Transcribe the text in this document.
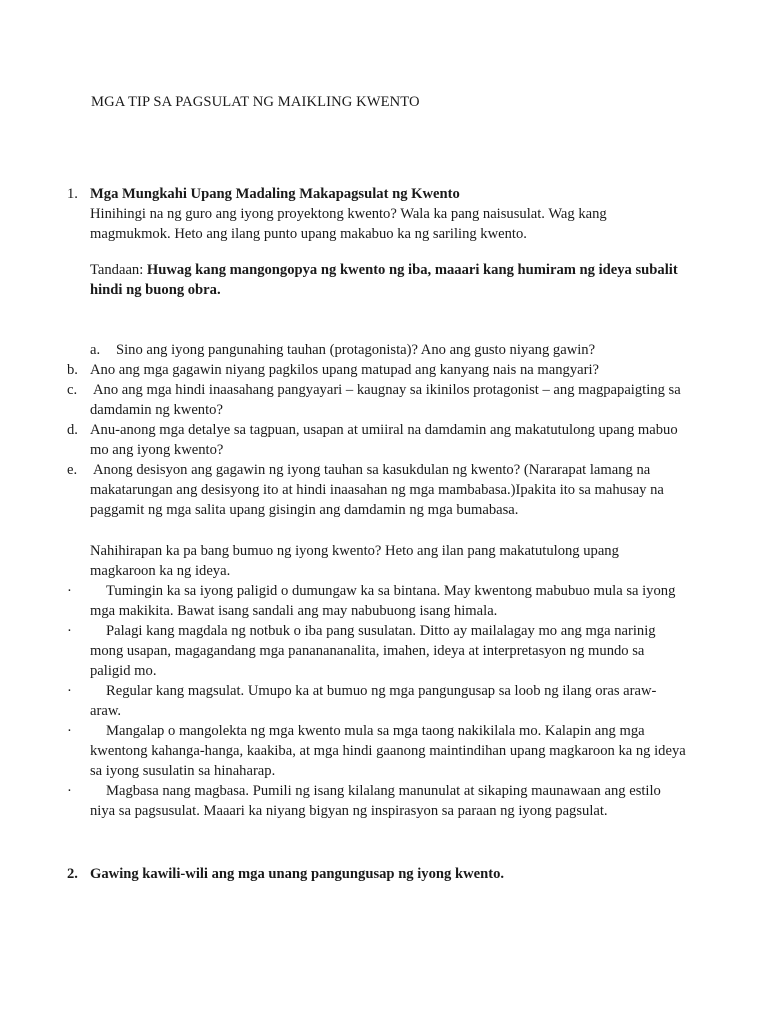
MGA TIP SA PAGSULAT NG MAIKLING KWENTO
1. Mga Mungkahi Upang Madaling Makapagsulat ng Kwento

Hinihingi na ng guro ang iyong proyektong kwento? Wala ka pang naisusulat. Wag kang magmukmok. Heto ang ilang punto upang makabuo ka ng sariling kwento.

Tandaan: Huwag kang mangongopya ng kwento ng iba, maaari kang humiram ng ideya subalit hindi ng buong obra.
a. Sino ang iyong pangunahing tauhan (protagonista)? Ano ang gusto niyang gawin?
b. Ano ang mga gagawin niyang pagkilos upang matupad ang kanyang nais na mangyari?
c. Ano ang mga hindi inaasahang pangyayari – kaugnay sa ikinilos protagonist – ang magpapaigting sa damdamin ng kwento?
d. Anu-anong mga detalye sa tagpuan, usapan at umiiral na damdamin ang makatutulong upang mabuo mo ang iyong kwento?
e. Anong desisyon ang gagawin ng iyong tauhan sa kasukdulan ng kwento? (Nararapat lamang na makatarungan ang desisyong ito at hindi inaasahan ng mga mambabasa.)Ipakita ito sa mahusay na paggamit ng mga salita upang gisingin ang damdamin ng mga bumabasa.
Nahihirapan ka pa bang bumuo ng iyong kwento? Heto ang ilan pang makatutulong upang magkaroon ka ng ideya.
·	Tumingin ka sa iyong paligid o dumungaw ka sa bintana. May kwentong mabubuo mula sa iyong mga makikita. Bawat isang sandali ang may nabubuong isang himala.
·	Palagi kang magdala ng notbuk o iba pang susulatan. Ditto ay mailalagay mo ang mga narinig mong usapan, magagandang mga pananananalita, imahen, ideya at interpretasyon ng mundo sa paligid mo.
·	Regular kang magsulat. Umupo ka at bumuo ng mga pangungusap sa loob ng ilang oras araw-araw.
·	Mangalap o mangolekta ng mga kwento mula sa mga taong nakikilala mo. Kalapin ang mga kwentong kahanga-hanga, kaakiba, at mga hindi gaanong maintindihan upang magkaroon ka ng ideya sa iyong susulatin sa hinaharap.
·	Magbasa nang magbasa. Pumili ng isang kilalang manunulat at sikaping maunawaan ang estilo niya sa pagsusulat. Maaari ka niyang bigyan ng inspirasyon sa paraan ng iyong pagsulat.
2. Gawing kawili-wili ang mga unang pangungusap ng iyong kwento.
